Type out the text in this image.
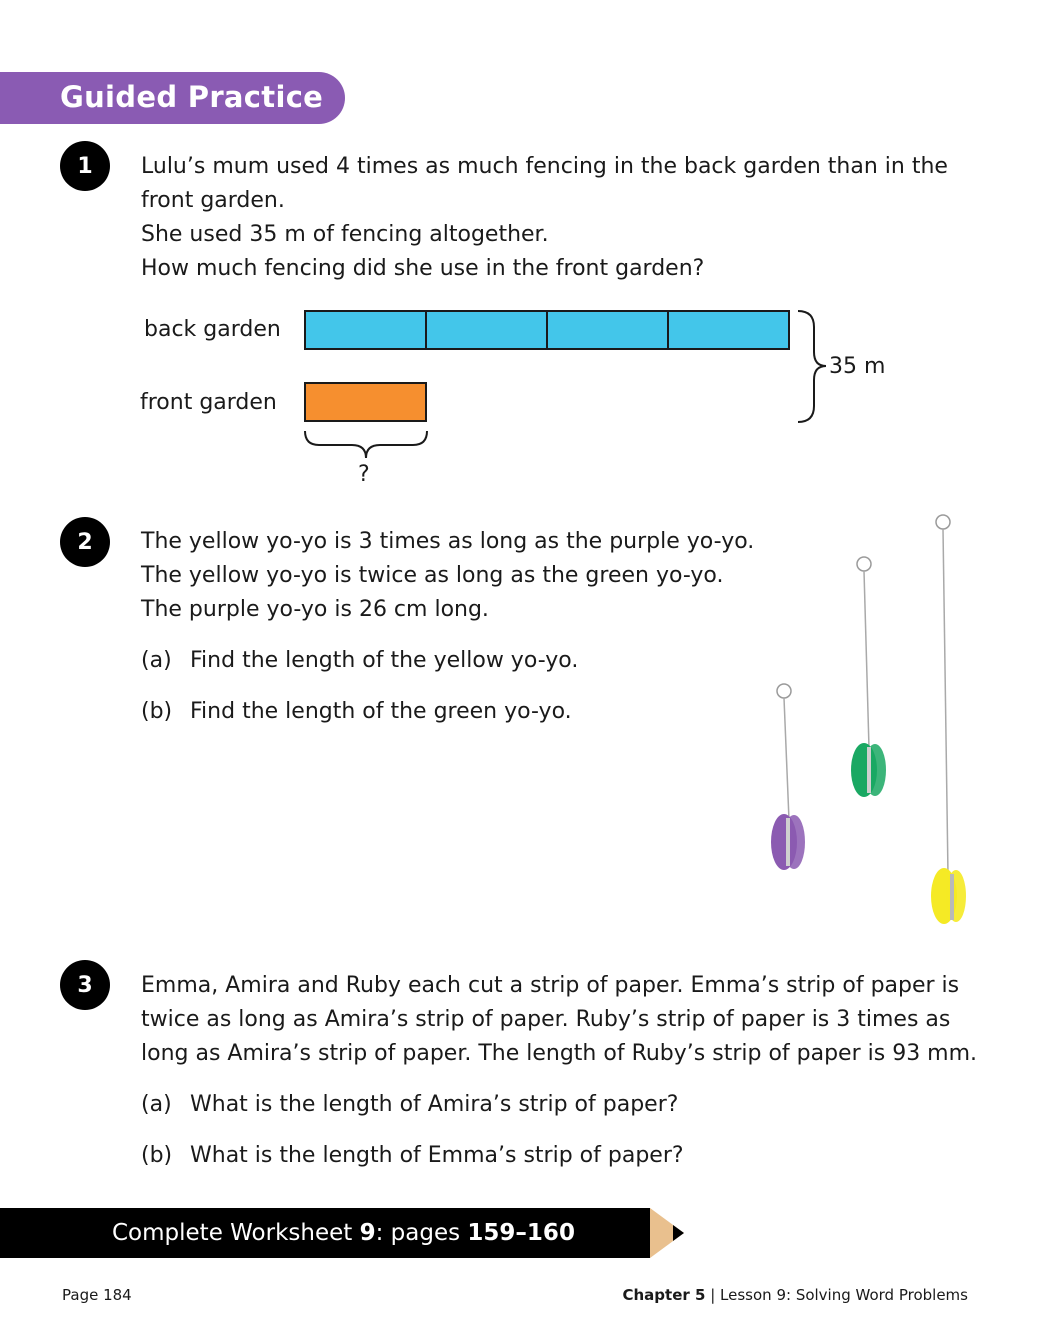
Guided Practice
1	Lulu’s mum used 4 times as much fencing in the back garden than in the
front garden.
She used 35 m of fencing altogether.
How much fencing did she use in the front garden?
back garden
front garden
35 m
?
2	The yellow yo-yo is 3 times as long as the purple yo-yo.
The yellow yo-yo is twice as long as the green yo-yo.
The purple yo-yo is 26 cm long.
(a) Find the length of the yellow yo-yo.
(b) Find the length of the green yo-yo.
3	Emma, Amira and Ruby each cut a strip of paper. Emma’s strip of paper is
twice as long as Amira’s strip of paper. Ruby’s strip of paper is 3 times as
long as Amira’s strip of paper. The length of Ruby’s strip of paper is 93 mm.
(a) What is the length of Amira’s strip of paper?
(b) What is the length of Emma’s strip of paper?
Complete Worksheet 9: pages 159–160
Page 184	Chapter 5 | Lesson 9: Solving Word Problems
